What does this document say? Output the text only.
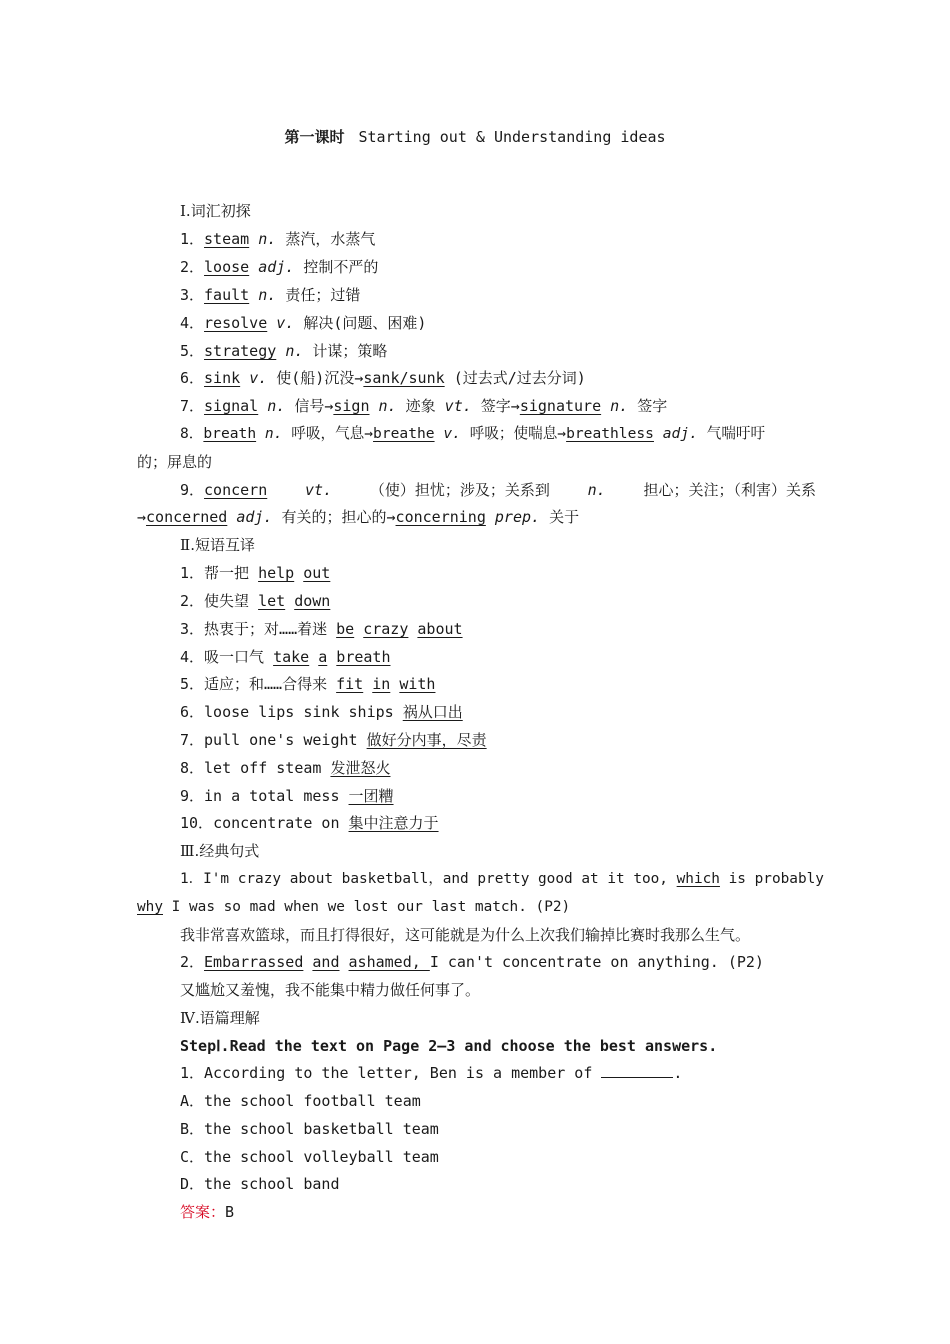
第一课时 Starting out & Understanding ideas
Ⅰ.词汇初探
1．steam n. 蒸汽，水蒸气
2．loose adj. 控制不严的
3．fault n. 责任；过错
4．resolve v. 解决(问题、困难)
5．strategy n. 计谋；策略
6．sink v. 使(船)沉没→sank/sunk (过去式/过去分词)
7．signal n. 信号→sign n. 迹象 vt. 签字→signature n. 签字
8．breath n. 呼吸，气息→breathe v. 呼吸；使喘息→breathless adj. 气喘吁吁
的；屏息的
9．concern	vt.	（使）担忧；涉及；关系到	n.	担心；关注；（利害）关系
→concerned adj. 有关的；担心的→concerning prep. 关于
Ⅱ.短语互译
1．帮一把 help out
2．使失望 let down
3．热衷于；对……着迷 be crazy about
4．吸一口气 take a breath
5．适应；和……合得来 fit in with
6．loose lips sink ships 祸从口出
7．pull one's weight 做好分内事，尽责
8．let off steam 发泄怒火
9．in a total mess 一团糟
10．concentrate on 集中注意力于
Ⅲ.经典句式
1．I'm crazy about basketball，and pretty good at it too, which is probably
why I was so mad when we lost our last match. (P2)
我非常喜欢篮球，而且打得很好，这可能就是为什么上次我们输掉比赛时我那么生气。
2．Embarrassed and ashamed, I can't concentrate on anything. (P2)
又尴尬又羞愧，我不能集中精力做任何事了。
Ⅳ.语篇理解
StepⅠ.Read the text on Page 2—3 and choose the best answers.
1．According to the letter, Ben is a member of	.
A．the school football team
B．the school basketball team
C．the school volleyball team
D．the school band
答案：B
